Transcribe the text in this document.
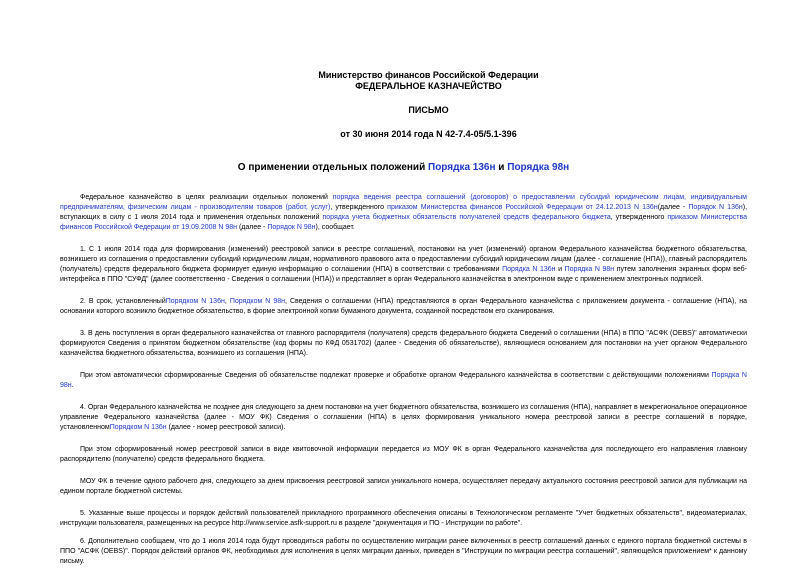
Министерство финансов Российской Федерации
ФЕДЕРАЛЬНОЕ КАЗНАЧЕЙСТВО
ПИСЬМО
от 30 июня 2014 года N 42-7.4-05/5.1-396
О применении отдельных положений Порядка 136н и Порядка 98н

Федеральное казначейство в целях реализации отдельных положений порядка ведения реестра соглашений (договоров) о предоставлении субсидий юридическим лицам, индивидуальным предпринимателям, физическим лицам - производителям товаров (работ, услуг), утвержденного приказом Министерства финансов Российской Федерации от 24.12.2013 N 136н(далее - Порядок N 136н), вступающих в силу с 1 июля 2014 года и применения отдельных положений порядка учета бюджетных обязательств получателей средств федерального бюджета, утвержденного приказом Министерства финансов Российской Федерации от 19.09.2008 N 98н (далее - Порядок N 98н), сообщает.

1. С 1 июля 2014 года для формирования (изменений) реестровой записи в реестре соглашений, постановки на учет (изменений) органом Федерального казначейства бюджетного обязательства, возникшего из соглашения о предоставлении субсидий юридическим лицам, нормативного правового акта о предоставлении субсидий юридическим лицам (далее - соглашение (НПА)), главный распорядитель (получатель) средств федерального бюджета формирует единую информацию о соглашении (НПА) в соответствии с требованиями Порядка N 136н и Порядка N 98н путем заполнения экранных форм веб-интерфейса в ППО "СУФД" (далее соответственно - Сведения о соглашении (НПА)) и представляет в орган Федерального казначейства в электронном виде с применением электронных подписей.

2. В срок, установленныйПорядком N 136н, Порядком N 98н, Сведения о соглашении (НПА) представляются в орган Федерального казначейства с приложением документа - соглашение (НПА), на основании которого возникло бюджетное обязательство, в форме электронной копии бумажного документа, созданной посредством его сканирования.

3. В день поступления в орган федерального казначейства от главного распорядителя (получателя) средств федерального бюджета Сведений о соглашении (НПА) в ППО "АСФК (OEBS)" автоматически формируются Сведения о принятом бюджетном обязательстве (код формы по КФД 0531702) (далее - Сведения об обязательстве), являющиеся основанием для постановки на учет органом Федерального казначейства бюджетного обязательства, возникшего из соглашения (НПА).

При этом автоматически сформированные Сведения об обязательстве подлежат проверке и обработке органом Федерального казначейства в соответствии с действующими положениями Порядка N 98н.

4. Орган Федерального казначейства не позднее дня следующего за днем постановки на учет бюджетного обязательства, возникшего из соглашения (НПА), направляет в межрегиональное операционное управление Федерального казначейства (далее - МОУ ФК) Сведения о соглашении (НПА) в целях формирования уникального номера реестровой записи в реестре соглашений в порядке, установленномПорядком N 136н (далее - номер реестровой записи).

При этом сформированный номер реестровой записи в виде квитовочной информации передается из МОУ ФК в орган Федерального казначейства для последующего его направления главному распорядителю (получателю) средств федерального бюджета.

МОУ ФК в течение одного рабочего дня, следующего за днем присвоения реестровой записи уникального номера, осуществляет передачу актуального состояния реестровой записи для публикации на едином портале бюджетной системы.

5. Указанные выше процессы и порядок действий пользователей прикладного программного обеспечения описаны в Технологическом регламенте "Учет бюджетных обязательств", видеоматериалах, инструкции пользователя, размещенных на ресурсе http://www.service.asfk-support.ru в разделе "документация и ПО - Инструкции по работе".

6. Дополнительно сообщаем, что до 1 июля 2014 года будут проводиться работы по осуществлению миграции ранее включенных в реестр соглашений данных с единого портала бюджетной системы в ППО "АСФК (OEBS)". Порядок действий органов ФК, необходимых для исполнения в целях миграции данных, приведен в "Инструкции по миграции реестра соглашений", являющейся приложением* к данному письму.
